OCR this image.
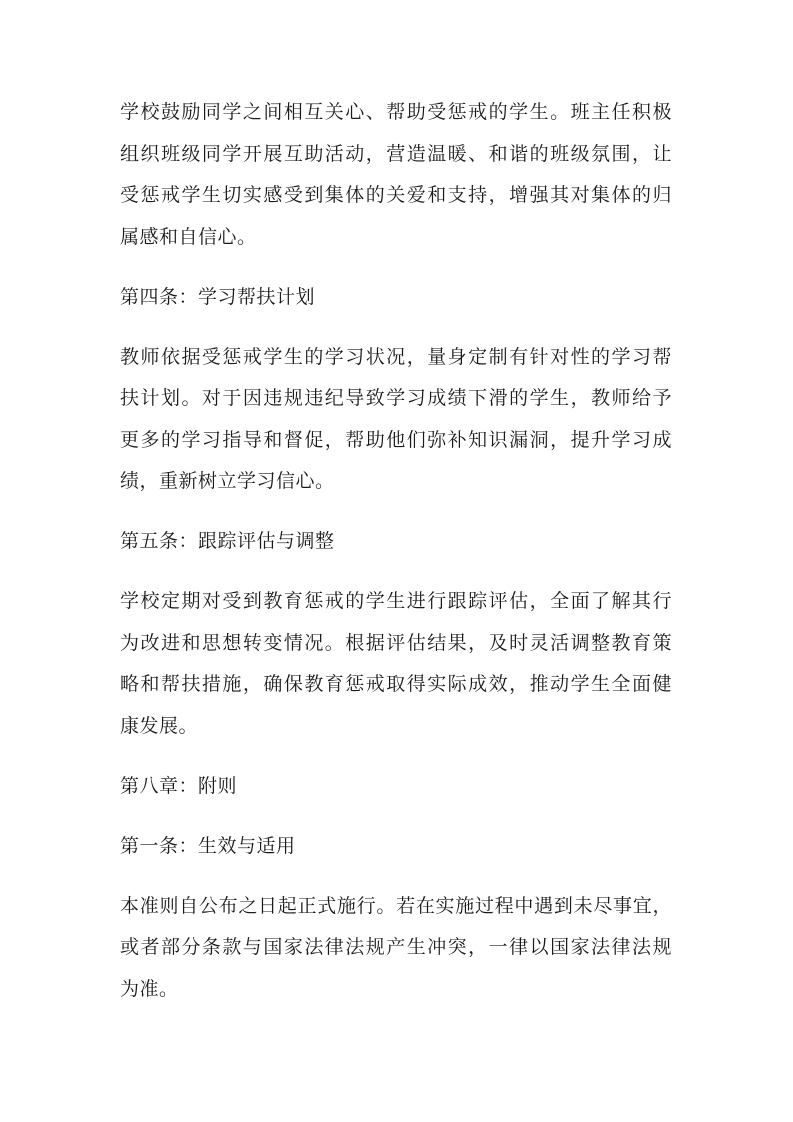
学校鼓励同学之间相互关心、帮助受惩戒的学生。班主任积极
组织班级同学开展互助活动，营造温暖、和谐的班级氛围，让
受惩戒学生切实感受到集体的关爱和支持，增强其对集体的归
属感和自信心。
第四条：学习帮扶计划
教师依据受惩戒学生的学习状况，量身定制有针对性的学习帮
扶计划。对于因违规违纪导致学习成绩下滑的学生，教师给予
更多的学习指导和督促，帮助他们弥补知识漏洞，提升学习成
绩，重新树立学习信心。
第五条：跟踪评估与调整
学校定期对受到教育惩戒的学生进行跟踪评估，全面了解其行
为改进和思想转变情况。根据评估结果，及时灵活调整教育策
略和帮扶措施，确保教育惩戒取得实际成效，推动学生全面健
康发展。
第八章：附则
第一条：生效与适用
本准则自公布之日起正式施行。若在实施过程中遇到未尽事宜，
或者部分条款与国家法律法规产生冲突，一律以国家法律法规
为准。
